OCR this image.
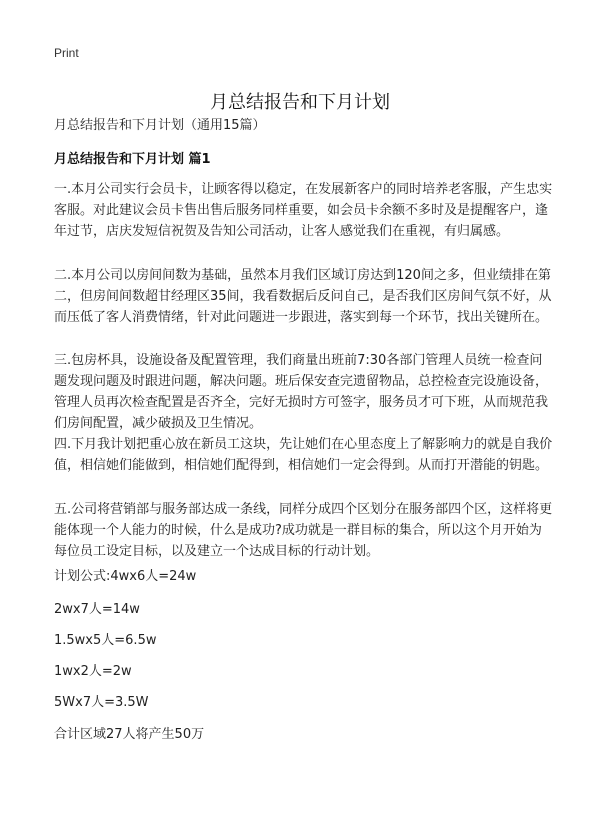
Print
月总结报告和下月计划
月总结报告和下月计划（通用15篇）
月总结报告和下月计划 篇1

一.本月公司实行会员卡，让顾客得以稳定，在发展新客户的同时培养老客服，产生忠实客服。对此建议会员卡售出售后服务同样重要，如会员卡余额不多时及是提醒客户，逢年过节，店庆发短信祝贺及告知公司活动，让客人感觉我们在重视，有归属感。

二.本月公司以房间间数为基础，虽然本月我们区域订房达到120间之多，但业绩排在第二，但房间间数超甘经理区35间，我看数据后反问自己，是否我们区房间气氛不好，从而压低了客人消费情绪，针对此问题进一步跟进，落实到每一个环节，找出关键所在。

三.包房杯具，设施设备及配置管理，我们商量出班前7:30各部门管理人员统一检查问题发现问题及时跟进问题，解决问题。班后保安查完遗留物品，总控检查完设施设备，管理人员再次检查配置是否齐全，完好无损时方可签字，服务员才可下班，从而规范我们房间配置，减少破损及卫生情况。

四.下月我计划把重心放在新员工这块，先让她们在心里态度上了解影响力的就是自我价值，相信她们能做到，相信她们配得到，相信她们一定会得到。从而打开潜能的钥匙。

五.公司将营销部与服务部达成一条线，同样分成四个区划分在服务部四个区，这样将更能体现一个人能力的时候，什么是成功?成功就是一群目标的集合，所以这个月开始为每位员工设定目标，以及建立一个达成目标的行动计划。

计划公式:4wx6人=24w

2wx7人=14w

1.5wx5人=6.5w

1wx2人=2w

5Wx7人=3.5W

合计区域27人将产生50万
